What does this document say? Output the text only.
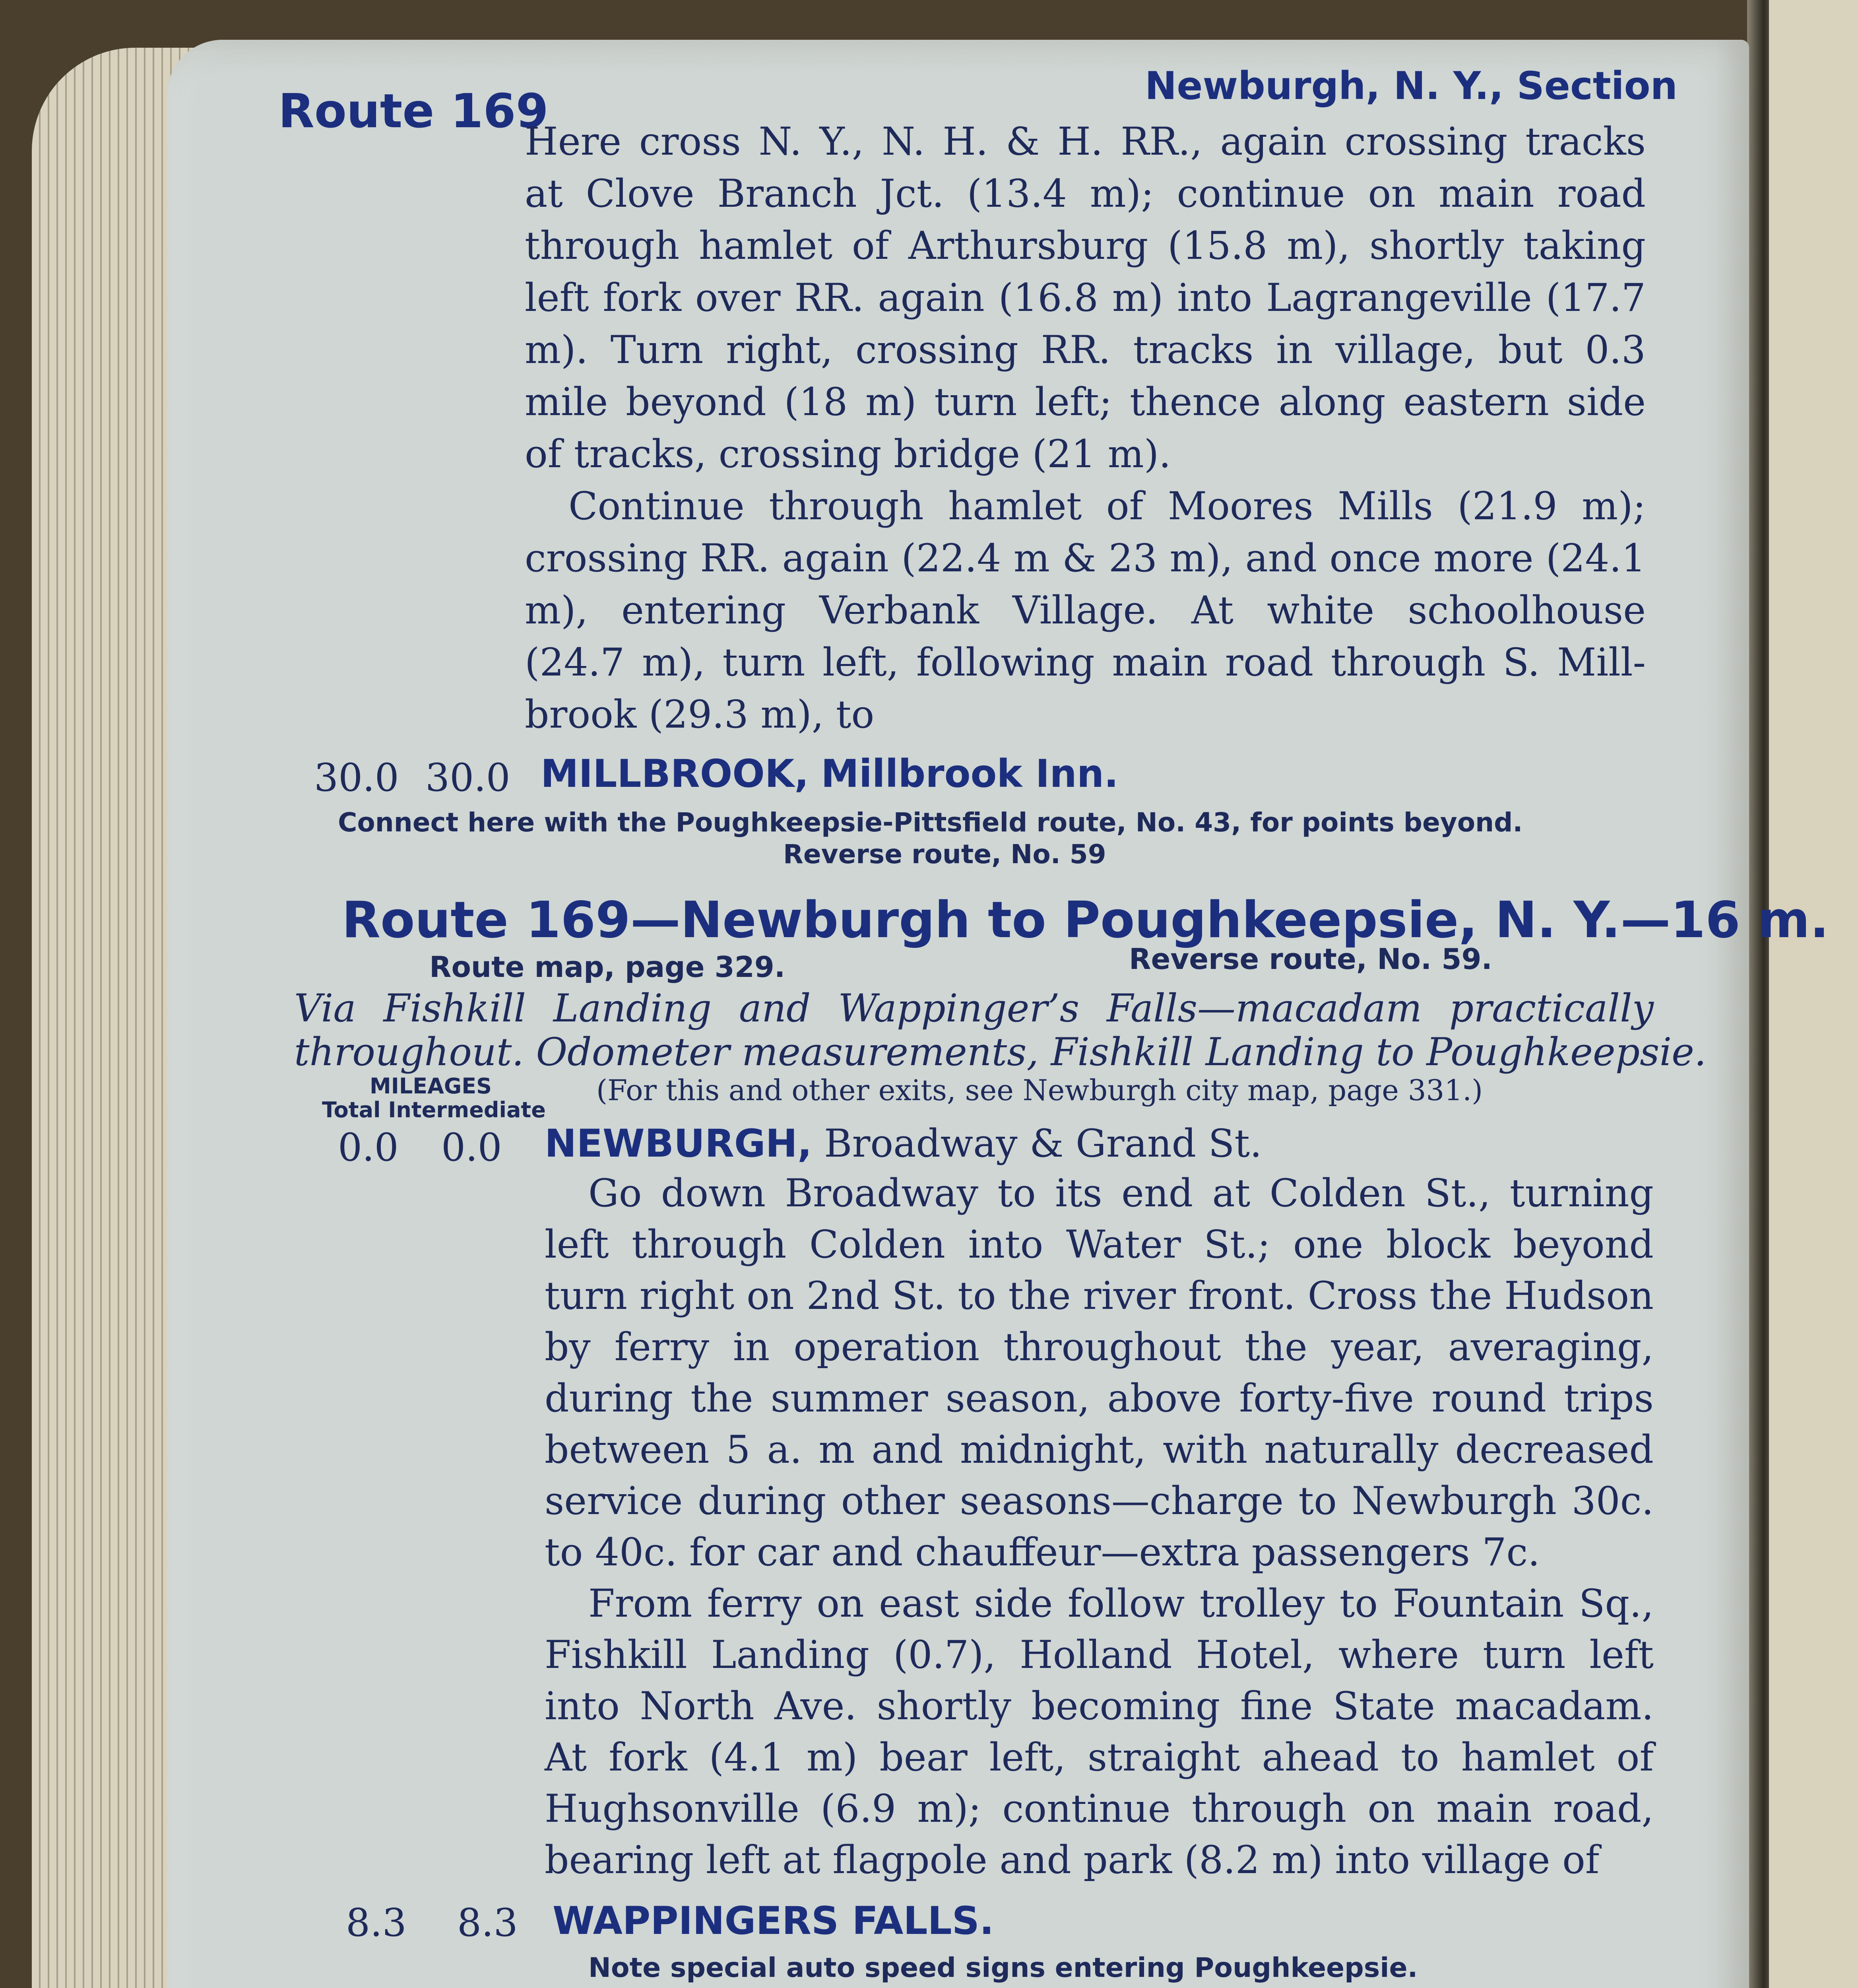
Route 169	Newburgh, N. Y., Section
Here cross N. Y., N. H. & H. RR., again crossing tracks
at Clove Branch Jct. (13.4 m); continue on main road
through hamlet of Arthursburg (15.8 m), shortly taking
left fork over RR. again (16.8 m) into Lagrangeville (17.7
m). Turn right, crossing RR. tracks in village, but 0.3
mile beyond (18 m) turn left; thence along eastern side
of tracks, crossing bridge (21 m).
Continue through hamlet of Moores Mills (21.9 m);
crossing RR. again (22.4 m & 23 m), and once more (24.1
m), entering Verbank Village. At white schoolhouse
(24.7 m), turn left, following main road through S. Mill-
brook (29.3 m), to
30.0 30.0 MILLBROOK, Millbrook Inn.
Connect here with the Poughkeepsie-Pittsfield route, No. 43, for points beyond.
Reverse route, No. 59
Route 169—Newburgh to Poughkeepsie, N. Y.—16 m.
Route map, page 329.	Reverse route, No. 59.
Via Fishkill Landing and Wappinger’s Falls—macadam practically
throughout. Odometer measurements, Fishkill Landing to Poughkeepsie.
MILEAGES
Total Intermediate
(For this and other exits, see Newburgh city map, page 331.)
0.0 0.0 NEWBURGH, Broadway & Grand St.
Go down Broadway to its end at Colden St., turning
left through Colden into Water St.; one block beyond
turn right on 2nd St. to the river front. Cross the Hudson
by ferry in operation throughout the year, averaging,
during the summer season, above forty-five round trips
between 5 a. m and midnight, with naturally decreased
service during other seasons—charge to Newburgh 30c.
to 40c. for car and chauffeur—extra passengers 7c.
From ferry on east side follow trolley to Fountain Sq.,
Fishkill Landing (0.7), Holland Hotel, where turn left
into North Ave. shortly becoming fine State macadam.
At fork (4.1 m) bear left, straight ahead to hamlet of
Hughsonville (6.9 m); continue through on main road,
bearing left at flagpole and park (8.2 m) into village of
8.3 8.3 WAPPINGERS FALLS.
Note special auto speed signs entering Poughkeepsie.
